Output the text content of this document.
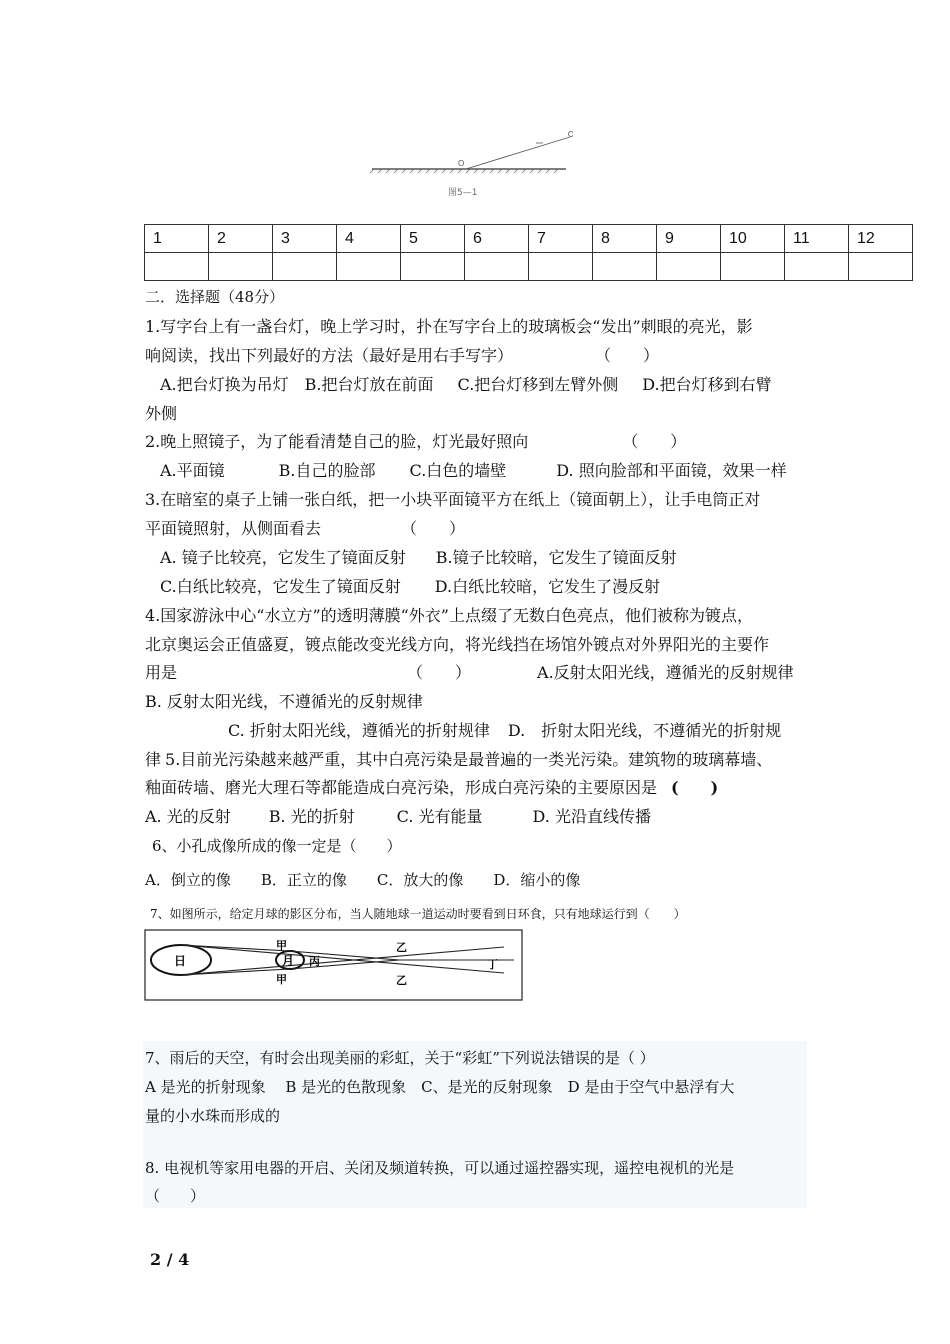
O
图5—1
1	2	3	4	5	6	7	8	9	10	11	12

二．选择题（48分）
1.写字台上有一盏台灯，晚上学习时，扑在写字台上的玻璃板会“发出”刺眼的亮光，影
响阅读，找出下列最好的方法（最好是用右手写字）	（　　）
A.把台灯换为吊灯 B.把台灯放在前面 C.把台灯移到左臂外侧 D.把台灯移到右臂
外侧
2.晚上照镜子，为了能看清楚自己的脸，灯光最好照向	（　　）
A.平面镜	B.自己的脸部 C.白色的墙壁	D. 照向脸部和平面镜，效果一样
3.在暗室的桌子上铺一张白纸，把一小块平面镜平方在纸上（镜面朝上），让手电筒正对
平面镜照射，从侧面看去	（　　）
A. 镜子比较亮，它发生了镜面反射 B.镜子比较暗，它发生了镜面反射
C.白纸比较亮，它发生了镜面反射 D.白纸比较暗，它发生了漫反射
4.国家游泳中心“水立方”的透明薄膜“外衣”上点缀了无数白色亮点，他们被称为镀点，
北京奥运会正值盛夏，镀点能改变光线方向，将光线挡在场馆外镀点对外界阳光的主要作
用是	（　　）	A.反射太阳光线，遵循光的反射规律
B. 反射太阳光线，不遵循光的反射规律
C. 折射太阳光线，遵循光的折射规律 D.　折射太阳光线，不遵循光的折射规
律 5.目前光污染越来越严重，其中白亮污染是最普遍的一类光污染。建筑物的玻璃幕墙、
釉面砖墙、磨光大理石等都能造成白亮污染，形成白亮污染的主要原因是 (　　)
A. 光的反射 B. 光的折射	C. 光有能量	D. 光沿直线传播
6、小孔成像所成的像一定是（　　）
A．倒立的像 B．正立的像 C．放大的像 D．缩小的像
7、如图所示，给定月球的影区分布，当人随地球一道运动时要看到日环食，只有地球运行到（　　）
日	月
甲
甲
丙
乙
乙
丁
7、雨后的天空，有时会出现美丽的彩虹，关于“彩虹”下列说法错误的是（ ）
A 是光的折射现象　 B 是光的色散现象　C、是光的反射现象　D 是由于空气中悬浮有大
量的小水珠而形成的
8. 电视机等家用电器的开启、关闭及频道转换，可以通过遥控器实现，遥控电视机的光是
（　　）
2 / 4
